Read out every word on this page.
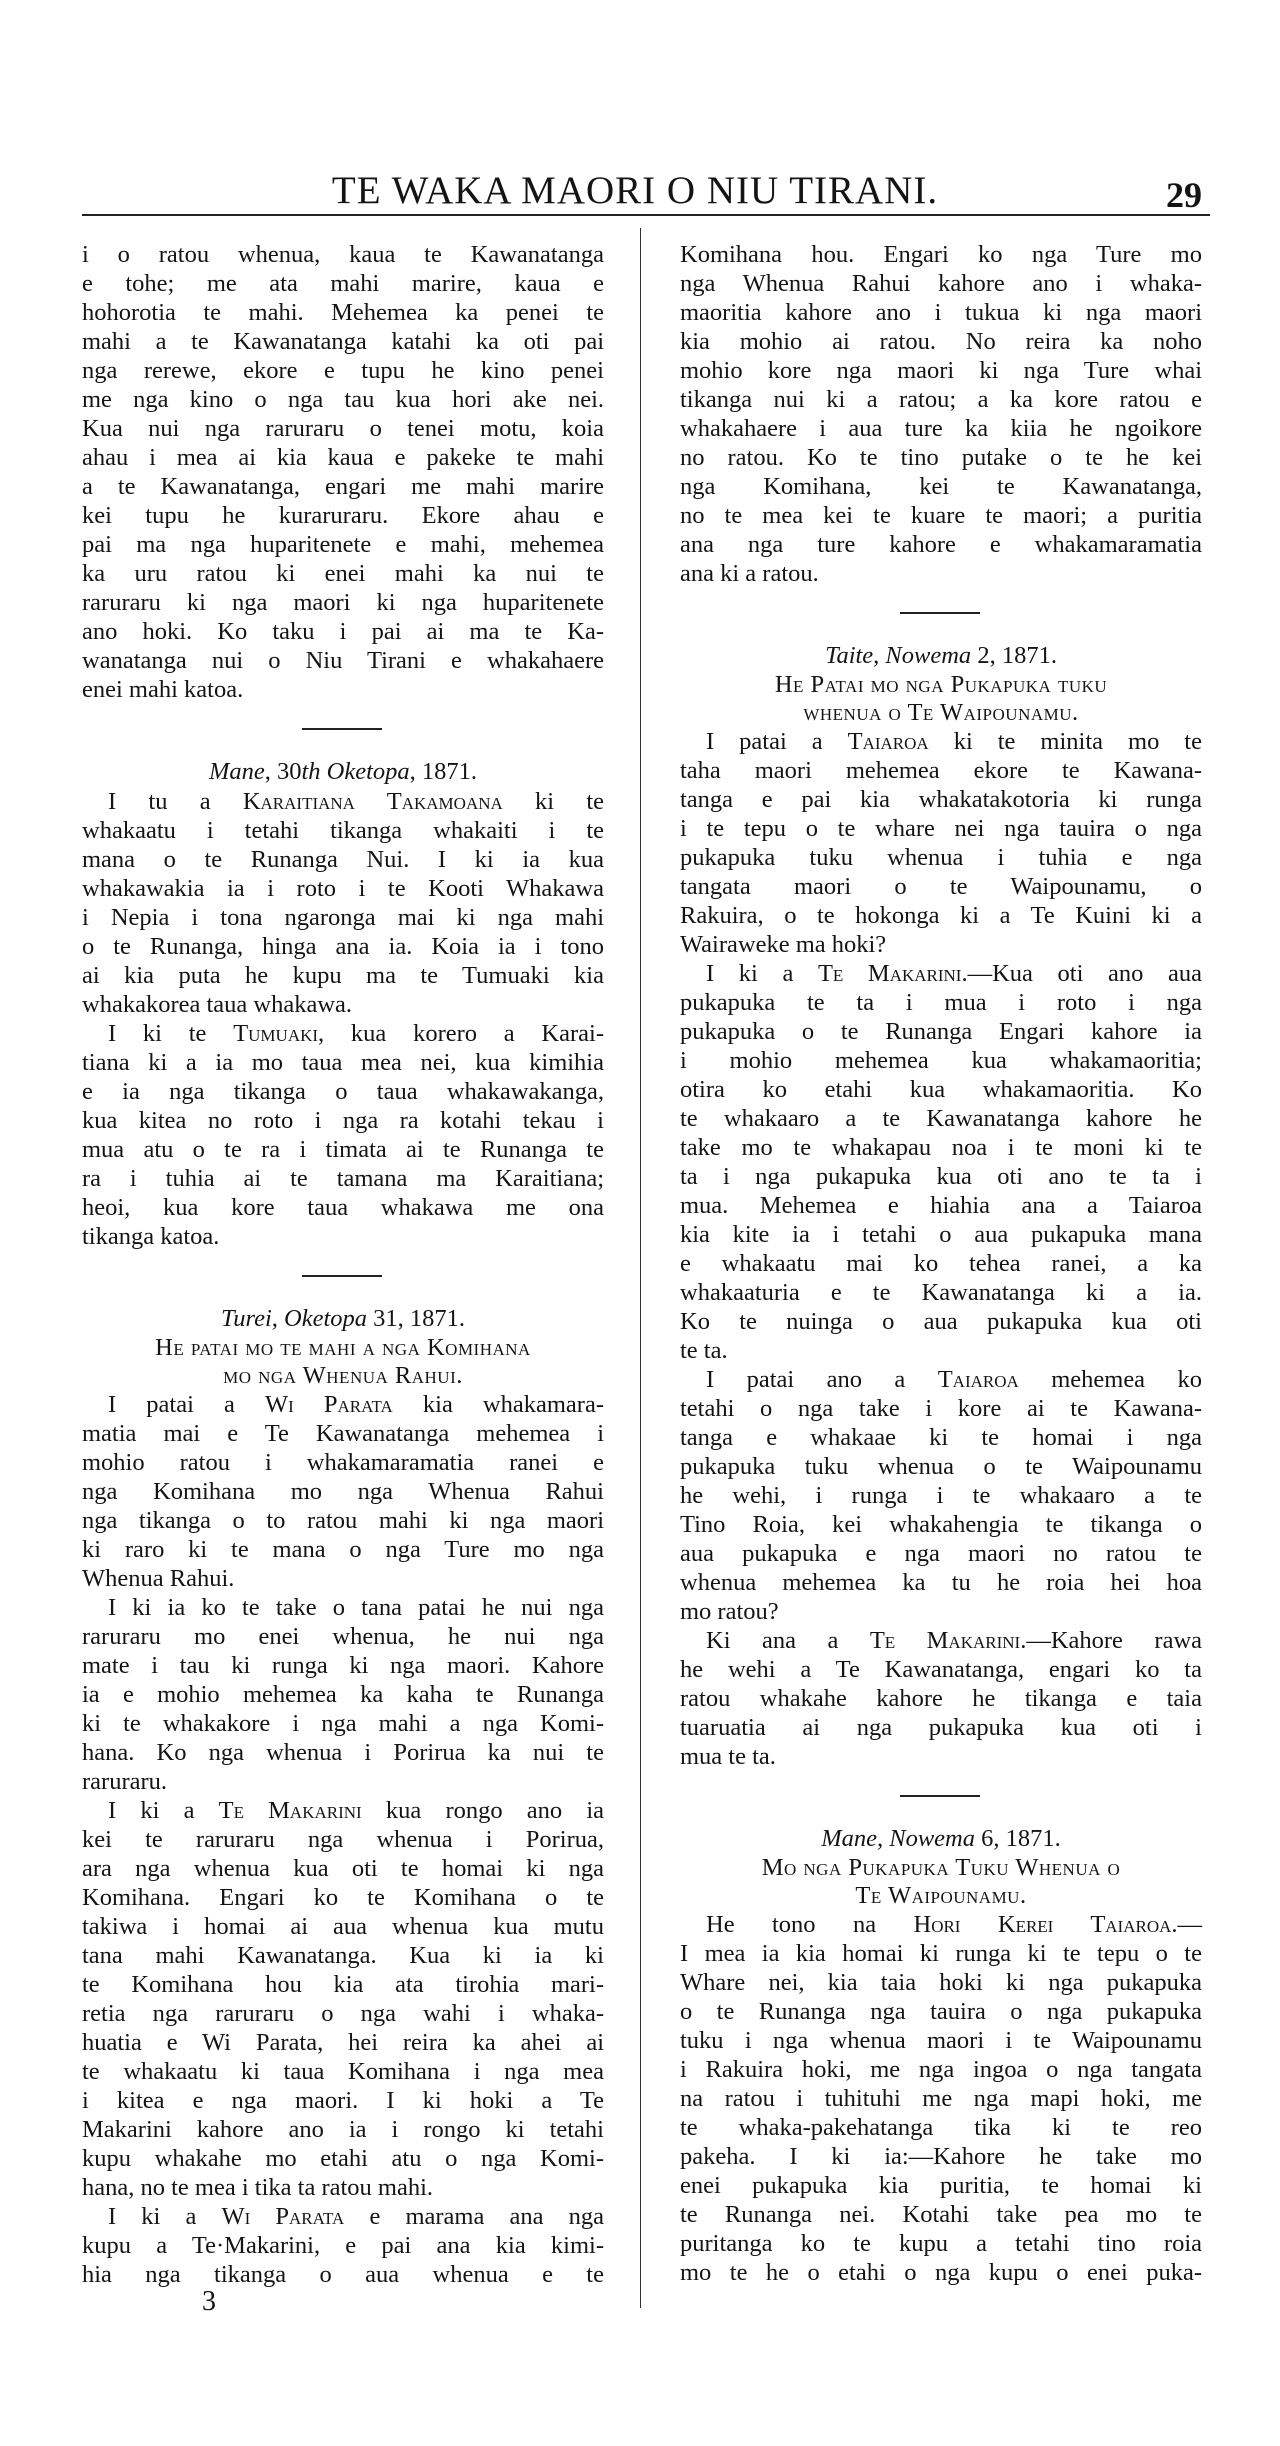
TE WAKA MAORI O NIU TIRANI.	29
i o ratou whenua, kaua te Kawanatanga
e tohe; me ata mahi marire, kaua e
hohorotia te mahi. Mehemea ka penei te
mahi a te Kawanatanga katahi ka oti pai
nga rerewe, ekore e tupu he kino penei
me nga kino o nga tau kua hori ake nei.
Kua nui nga raruraru o tenei motu, koia
ahau i mea ai kia kaua e pakeke te mahi
a te Kawanatanga, engari me mahi marire
kei tupu he kuraruraru. Ekore ahau e
pai ma nga huparitenete e mahi, mehemea
ka uru ratou ki enei mahi ka nui te
raruraru ki nga maori ki nga huparitenete
ano hoki. Ko taku i pai ai ma te Ka-
wanatanga nui o Niu Tirani e whakahaere
enei mahi katoa.
Mane, 30th Oketopa, 1871.
I tu a Karaitiana Takamoana ki te
whakaatu i tetahi tikanga whakaiti i te
mana o te Runanga Nui. I ki ia kua
whakawakia ia i roto i te Kooti Whakawa
i Nepia i tona ngaronga mai ki nga mahi
o te Runanga, hinga ana ia. Koia ia i tono
ai kia puta he kupu ma te Tumuaki kia
whakakorea taua whakawa.
I ki te Tumuaki, kua korero a Karai-
tiana ki a ia mo taua mea nei, kua kimihia
e ia nga tikanga o taua whakawakanga,
kua kitea no roto i nga ra kotahi tekau i
mua atu o te ra i timata ai te Runanga te
ra i tuhia ai te tamana ma Karaitiana;
heoi, kua kore taua whakawa me ona
tikanga katoa.
Turei, Oketopa 31, 1871.
He patai mo te mahi a nga Komihana
mo nga Whenua Rahui.
I patai a Wi Parata kia whakamara-
matia mai e Te Kawanatanga mehemea i
mohio ratou i whakamaramatia ranei e
nga Komihana mo nga Whenua Rahui
nga tikanga o to ratou mahi ki nga maori
ki raro ki te mana o nga Ture mo nga
Whenua Rahui.
I ki ia ko te take o tana patai he nui nga
raruraru mo enei whenua, he nui nga
mate i tau ki runga ki nga maori. Kahore
ia e mohio mehemea ka kaha te Runanga
ki te whakakore i nga mahi a nga Komi-
hana. Ko nga whenua i Porirua ka nui te
raruraru.
I ki a Te Makarini kua rongo ano ia
kei te raruraru nga whenua i Porirua,
ara nga whenua kua oti te homai ki nga
Komihana. Engari ko te Komihana o te
takiwa i homai ai aua whenua kua mutu
tana mahi Kawanatanga. Kua ki ia ki
te Komihana hou kia ata tirohia mari-
retia nga raruraru o nga wahi i whaka-
huatia e Wi Parata, hei reira ka ahei ai
te whakaatu ki taua Komihana i nga mea
i kitea e nga maori. I ki hoki a Te
Makarini kahore ano ia i rongo ki tetahi
kupu whakahe mo etahi atu o nga Komi-
hana, no te mea i tika ta ratou mahi.
I ki a Wi Parata e marama ana nga
kupu a Te·Makarini, e pai ana kia kimi-
hia nga tikanga o aua whenua e te
3
Komihana hou. Engari ko nga Ture mo
nga Whenua Rahui kahore ano i whaka-
maoritia kahore ano i tukua ki nga maori
kia mohio ai ratou. No reira ka noho
mohio kore nga maori ki nga Ture whai
tikanga nui ki a ratou; a ka kore ratou e
whakahaere i aua ture ka kiia he ngoikore
no ratou. Ko te tino putake o te he kei
nga Komihana, kei te Kawanatanga,
no te mea kei te kuare te maori; a puritia
ana nga ture kahore e whakamaramatia
ana ki a ratou.
Taite, Nowema 2, 1871.
He Patai mo nga Pukapuka tuku
whenua o Te Waipounamu.
I patai a Taiaroa ki te minita mo te
taha maori mehemea ekore te Kawana-
tanga e pai kia whakatakotoria ki runga
i te tepu o te whare nei nga tauira o nga
pukapuka tuku whenua i tuhia e nga
tangata maori o te Waipounamu, o
Rakuira, o te hokonga ki a Te Kuini ki a
Wairaweke ma hoki?
I ki a Te Makarini.—Kua oti ano aua
pukapuka te ta i mua i roto i nga
pukapuka o te Runanga Engari kahore ia
i mohio mehemea kua whakamaoritia;
otira ko etahi kua whakamaoritia. Ko
te whakaaro a te Kawanatanga kahore he
take mo te whakapau noa i te moni ki te
ta i nga pukapuka kua oti ano te ta i
mua. Mehemea e hiahia ana a Taiaroa
kia kite ia i tetahi o aua pukapuka mana
e whakaatu mai ko tehea ranei, a ka
whakaaturia e te Kawanatanga ki a ia.
Ko te nuinga o aua pukapuka kua oti
te ta.
I patai ano a Taiaroa mehemea ko
tetahi o nga take i kore ai te Kawana-
tanga e whakaae ki te homai i nga
pukapuka tuku whenua o te Waipounamu
he wehi, i runga i te whakaaro a te
Tino Roia, kei whakahengia te tikanga o
aua pukapuka e nga maori no ratou te
whenua mehemea ka tu he roia hei hoa
mo ratou?
Ki ana a Te Makarini.—Kahore rawa
he wehi a Te Kawanatanga, engari ko ta
ratou whakahe kahore he tikanga e taia
tuaruatia ai nga pukapuka kua oti i
mua te ta.
Mane, Nowema 6, 1871.
Mo nga Pukapuka Tuku Whenua o
Te Waipounamu.
He tono na Hori Kerei Taiaroa.—
I mea ia kia homai ki runga ki te tepu o te
Whare nei, kia taia hoki ki nga pukapuka
o te Runanga nga tauira o nga pukapuka
tuku i nga whenua maori i te Waipounamu
i Rakuira hoki, me nga ingoa o nga tangata
na ratou i tuhituhi me nga mapi hoki, me
te whaka-pakehatanga tika ki te reo
pakeha. I ki ia:—Kahore he take mo
enei pukapuka kia puritia, te homai ki
te Runanga nei. Kotahi take pea mo te
puritanga ko te kupu a tetahi tino roia
mo te he o etahi o nga kupu o enei puka-
